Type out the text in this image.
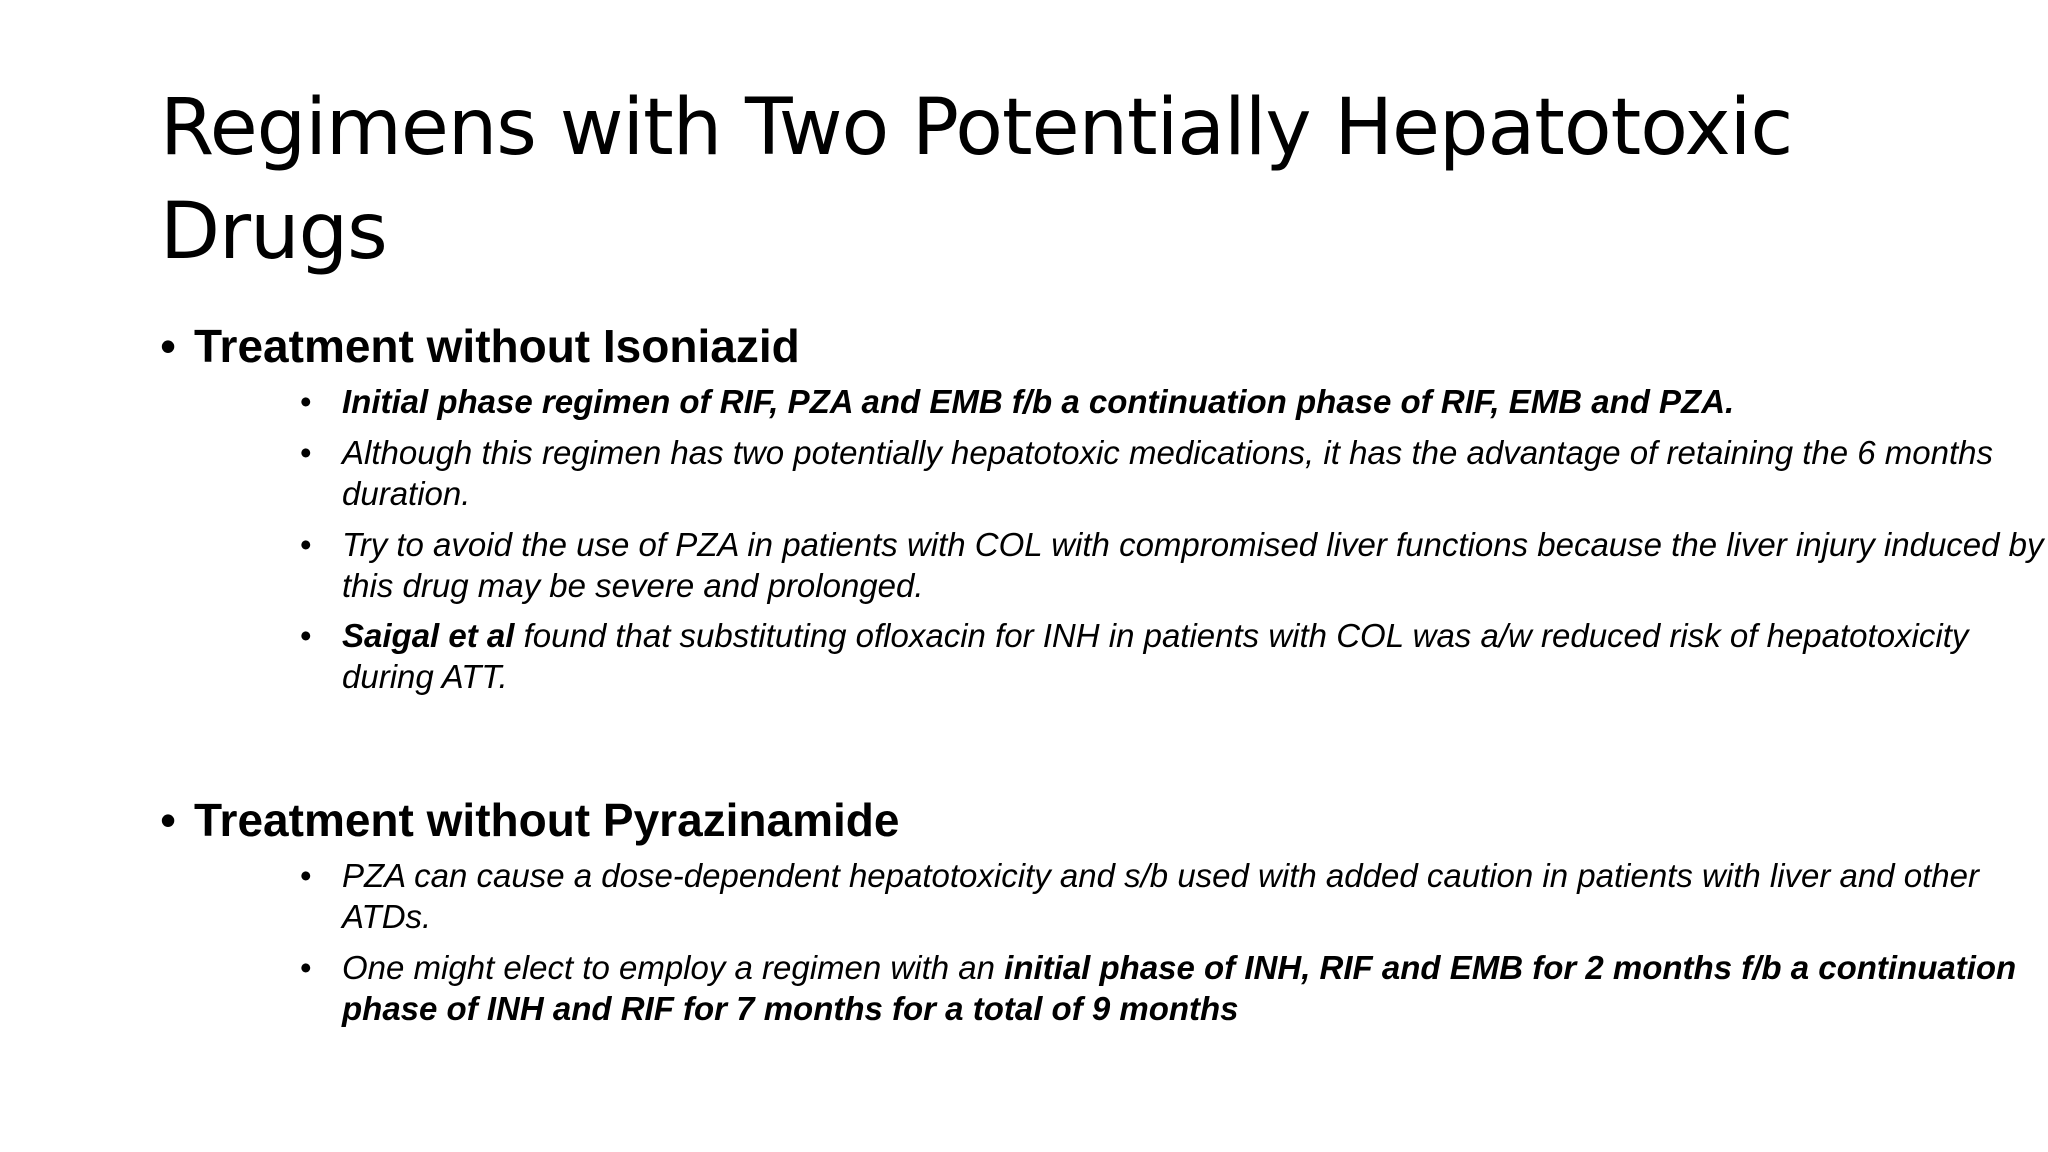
Regimens with Two Potentially Hepatotoxic Drugs
• Treatment without Isoniazid
• Initial phase regimen of RIF, PZA and EMB f/b a continuation phase of RIF, EMB and PZA.
• Although this regimen has two potentially hepatotoxic medications, it has the advantage of retaining the 6 months duration.
• Try to avoid the use of PZA in patients with COL with compromised liver functions because the liver injury induced by this drug may be severe and prolonged.
• Saigal et al found that substituting ofloxacin for INH in patients with COL was a/w reduced risk of hepatotoxicity during ATT.
• Treatment without Pyrazinamide
• PZA can cause a dose-dependent hepatotoxicity and s/b used with added caution in patients with liver and other ATDs.
• One might elect to employ a regimen with an initial phase of INH, RIF and EMB for 2 months f/b a continuation phase of INH and RIF for 7 months for a total of 9 months
